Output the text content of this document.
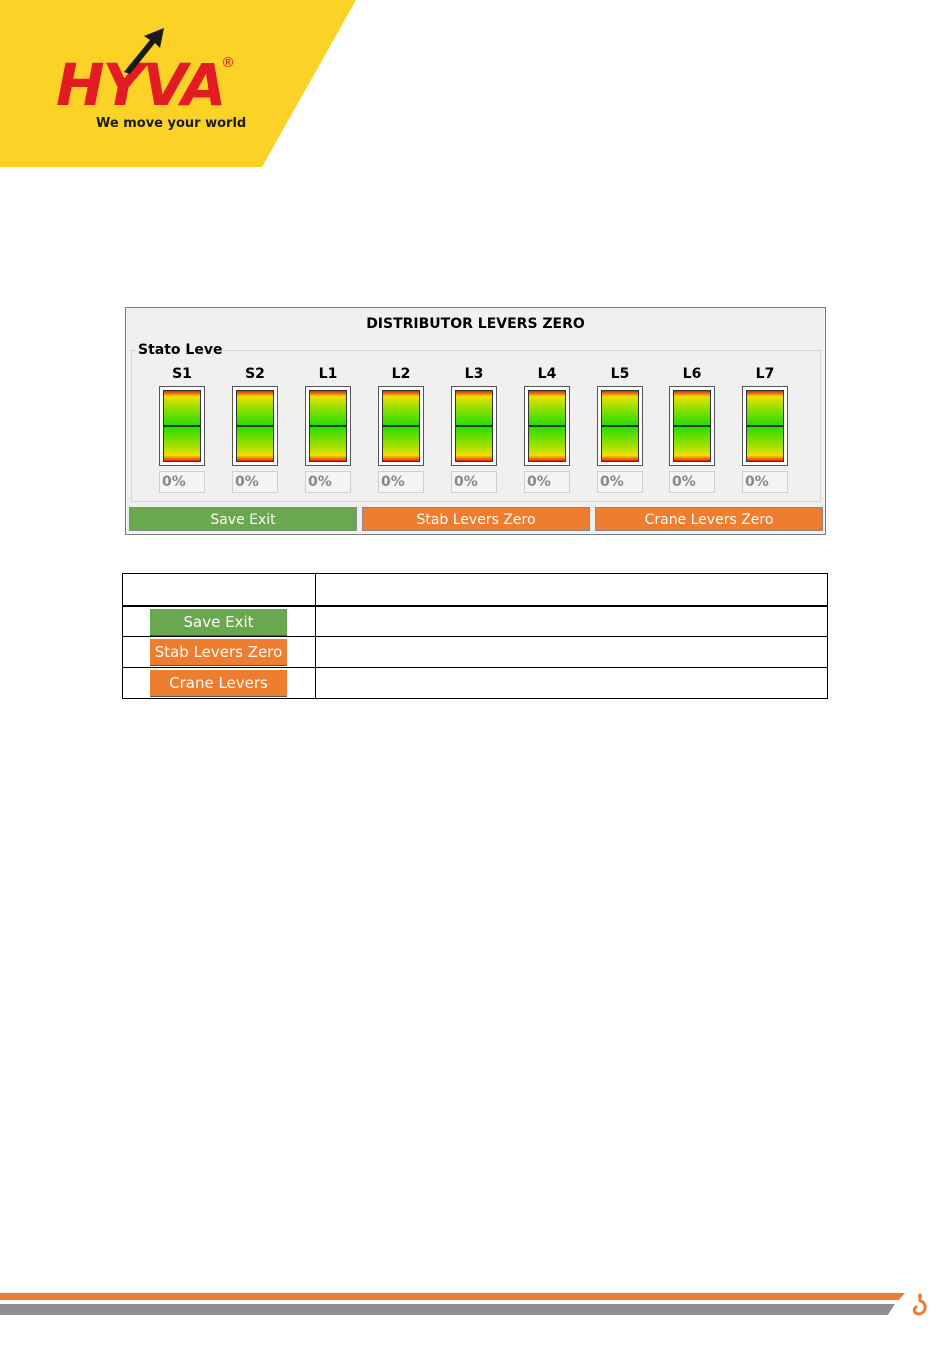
HYVA
®
We move your world
DISTRIBUTOR LEVERS ZERO
Stato Leve
S1
0%
S2
0%
L1
0%
L2
0%
L3
0%
L4
0%
L5
0%
L6
0%
L7
0%
Save Exit	Stab Levers Zero	Crane Levers Zero

Save Exit	

Stab Levers Zero	

Crane Levers Zero	
